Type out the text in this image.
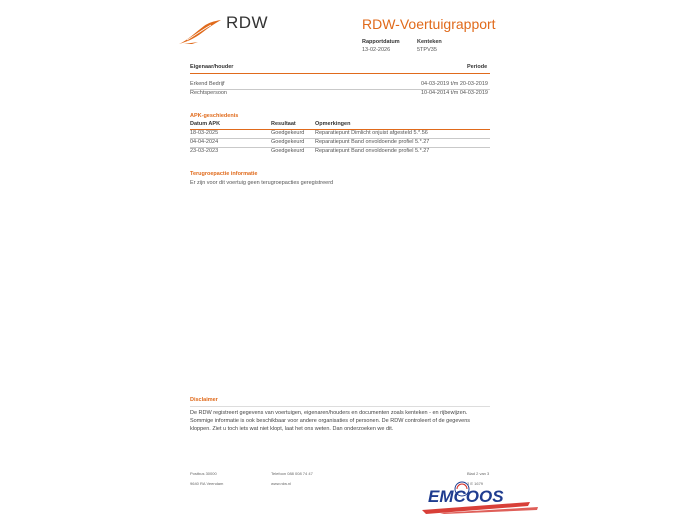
RDW	RDW-Voertuigrapport
Rapportdatum
13-02-2026
Kenteken
5TPV35
Eigenaar/houder	Periode
Erkend Bedrijf	04-03-2019 t/m 20-03-2019
Rechtspersoon	10-04-2014 t/m 04-03-2019
APK-geschiedenis
Datum APK	Resultaat	Opmerkingen
18-03-2025	Goedgekeurd Reparatiepunt Dimlicht onjuist afgesteld 5.*.56
04-04-2024	Goedgekeurd Reparatiepunt Band onvoldoende profiel 5.*.27
23-03-2023	Goedgekeurd Reparatiepunt Band onvoldoende profiel 5.*.27
Terugroepactie informatie
Er zijn voor dit voertuig geen terugroepacties geregistreerd
Disclaimer
De RDW registreert gegevens van voertuigen, eigenaren/houders en documenten zoals kenteken - en rijbewijzen.
Sommige informatie is ook beschikbaar voor andere organisaties of personen. De RDW controleert of de gegevens
kloppen. Ziet u toch iets wat niet klopt, laat het ons weten. Dan onderzoeken we dit.
Postbus 30000
9640 RA Veendam
Telefoon 088 008 74 47
www.rdw.nl
Blad 2 van 3
3 E 1679
EMCOOS
